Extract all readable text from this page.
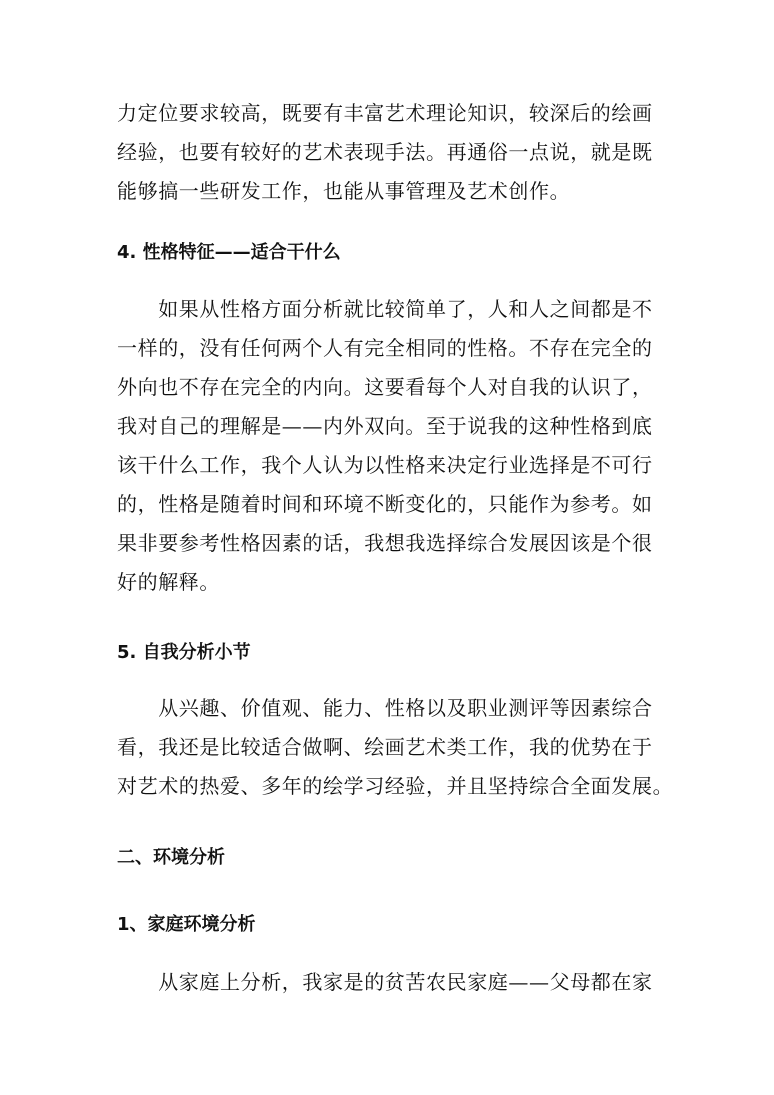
力定位要求较高，既要有丰富艺术理论知识，较深后的绘画

经验，也要有较好的艺术表现手法。再通俗一点说，就是既

能够搞一些研发工作，也能从事管理及艺术创作。

4. 性格特征——适合干什么

　　如果从性格方面分析就比较简单了，人和人之间都是不

一样的，没有任何两个人有完全相同的性格。不存在完全的

外向也不存在完全的内向。这要看每个人对自我的认识了，

我对自己的理解是——内外双向。至于说我的这种性格到底

该干什么工作，我个人认为以性格来决定行业选择是不可行

的，性格是随着时间和环境不断变化的，只能作为参考。如

果非要参考性格因素的话，我想我选择综合发展因该是个很

好的解释。

5. 自我分析小节

　　从兴趣、价值观、能力、性格以及职业测评等因素综合

看，我还是比较适合做啊、绘画艺术类工作，我的优势在于

对艺术的热爱、多年的绘学习经验，并且坚持综合全面发展。

二、环境分析

1、家庭环境分析

　　从家庭上分析，我家是的贫苦农民家庭——父母都在家
